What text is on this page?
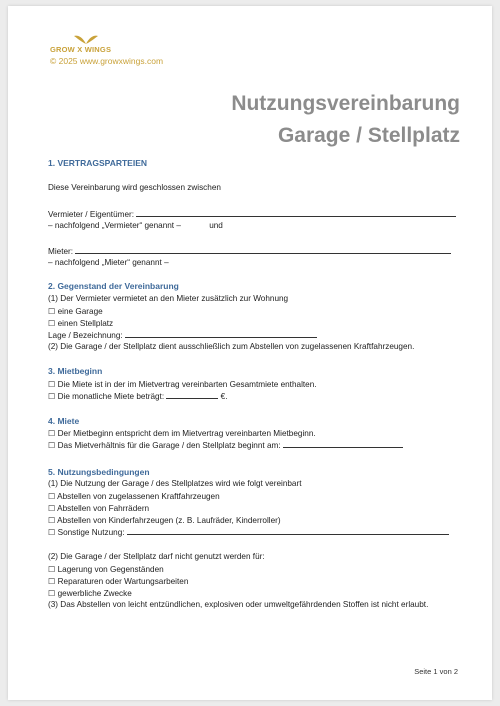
GROW X WINGS
© 2025 www.growxwings.com
Nutzungsvereinbarung
Garage / Stellplatz
1. VERTRAGSPARTEIEN
Diese Vereinbarung wird geschlossen zwischen
Vermieter / Eigentümer:
– nachfolgend „Vermieter“ genannt –	und
Mieter:
– nachfolgend „Mieter“ genannt –
2. Gegenstand der Vereinbarung
(1) Der Vermieter vermietet an den Mieter zusätzlich zur Wohnung
☐ eine Garage
☐ einen Stellplatz
Lage / Bezeichnung:
(2) Die Garage / der Stellplatz dient ausschließlich zum Abstellen von zugelassenen Kraftfahrzeugen.
3. Mietbeginn
☐ Die Miete ist in der im Mietvertrag vereinbarten Gesamtmiete enthalten.
☐ Die monatliche Miete beträgt:	€.
4. Miete
☐ Der Mietbeginn entspricht dem im Mietvertrag vereinbarten Mietbeginn.
☐ Das Mietverhältnis für die Garage / den Stellplatz beginnt am:
5. Nutzungsbedingungen
(1) Die Nutzung der Garage / des Stellplatzes wird wie folgt vereinbart
☐ Abstellen von zugelassenen Kraftfahrzeugen
☐ Abstellen von Fahrrädern
☐ Abstellen von Kinderfahrzeugen (z. B. Laufräder, Kinderroller)
☐ Sonstige Nutzung:
(2) Die Garage / der Stellplatz darf nicht genutzt werden für:
☐ Lagerung von Gegenständen
☐ Reparaturen oder Wartungsarbeiten
☐ gewerbliche Zwecke
(3) Das Abstellen von leicht entzündlichen, explosiven oder umweltgefährdenden Stoffen ist nicht erlaubt.
Seite 1 von 2
